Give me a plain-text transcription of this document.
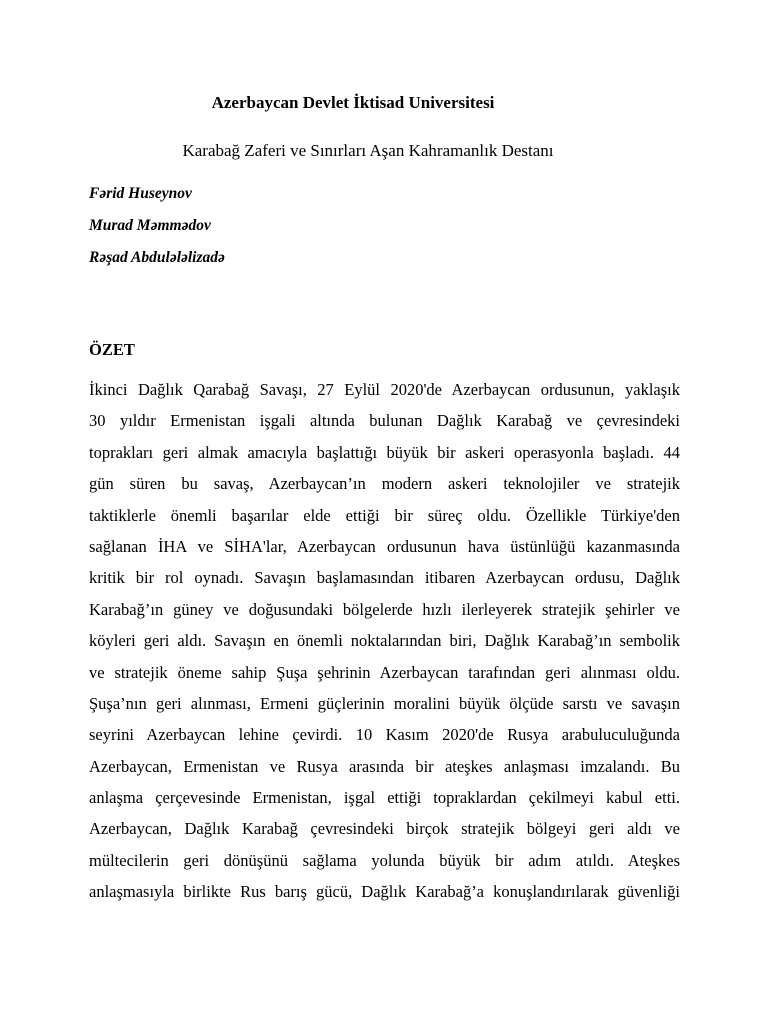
Azerbaycan Devlet İktisad Universitesi
Karabağ Zaferi ve Sınırları Aşan Kahramanlık Destanı
Fərid Huseynov
Murad Məmmədov
Rəşad Abdulələlizadə
ÖZET
İkinci Dağlık Qarabağ Savaşı, 27 Eylül 2020'de Azerbaycan ordusunun, yaklaşık
30 yıldır Ermenistan işgali altında bulunan Dağlık Karabağ ve çevresindeki
toprakları geri almak amacıyla başlattığı büyük bir askeri operasyonla başladı. 44
gün süren bu savaş, Azerbaycan’ın modern askeri teknolojiler ve stratejik
taktiklerle önemli başarılar elde ettiği bir süreç oldu. Özellikle Türkiye'den
sağlanan İHA ve SİHA'lar, Azerbaycan ordusunun hava üstünlüğü kazanmasında
kritik bir rol oynadı. Savaşın başlamasından itibaren Azerbaycan ordusu, Dağlık
Karabağ’ın güney ve doğusundaki bölgelerde hızlı ilerleyerek stratejik şehirler ve
köyleri geri aldı. Savaşın en önemli noktalarından biri, Dağlık Karabağ’ın sembolik
ve stratejik öneme sahip Şuşa şehrinin Azerbaycan tarafından geri alınması oldu.
Şuşa’nın geri alınması, Ermeni güçlerinin moralini büyük ölçüde sarstı ve savaşın
seyrini Azerbaycan lehine çevirdi. 10 Kasım 2020'de Rusya arabuluculuğunda
Azerbaycan, Ermenistan ve Rusya arasında bir ateşkes anlaşması imzalandı. Bu
anlaşma çerçevesinde Ermenistan, işgal ettiği topraklardan çekilmeyi kabul etti.
Azerbaycan, Dağlık Karabağ çevresindeki birçok stratejik bölgeyi geri aldı ve
mültecilerin geri dönüşünü sağlama yolunda büyük bir adım atıldı. Ateşkes
anlaşmasıyla birlikte Rus barış gücü, Dağlık Karabağ’a konuşlandırılarak güvenliği
